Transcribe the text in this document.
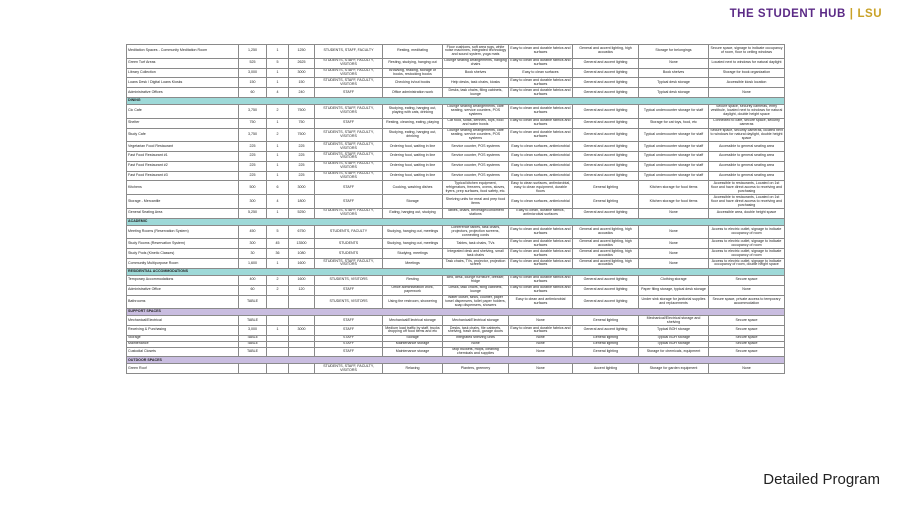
THE STUDENT HUB | LSU
Meditation Spaces - Community Meditation Room	1,250	1	1250	STUDENTS, STAFF, FACULTY	Resting, meditating	Floor cushions, soft area rugs, white noise machines, integrated technology and sound system, yoga mats	Easy to clean and durable fabrics and surfaces	General and accent lighting, high acoustics	Storage for belongings	Secure space, signage to indicate occupancy of room, floor to ceiling windows
Green Turf Areas	525	5	2625	STUDENTS, STAFF, FACULTY, VISITORS	Resting, studying, hanging out	Lounge seating arrangements, hanging chairs	Easy to clean and durable fabrics and surfaces	General and accent lighting	None	Located next to windows for natural daylight
Library Collection	3,000	1	3000	STUDENTS, STAFF, FACULTY, VISITORS	Browsing, reading, storage of books, restocking books	Book shelves	Easy to clean surfaces	General and accent lighting	Book shelves	Storage for book organization
Loans Desk / Digital Loans Kiosks	150	1	150	STUDENTS, STAFF, FACULTY, VISITORS	Checking in/out books	Help desks, task chairs, kiosks	Easy to clean and durable fabrics and surfaces	General and accent lighting	Typical desk storage	Accessible kiosk location
Administrative Offices	60	4	240	STAFF	Office administration work	Desks, task chairs, filing cabinets, lounge	Easy to clean and durable fabrics and surfaces	General and accent lighting	Typical desk storage	None
DINING										
Cic Cafe	3,750	2	7500	STUDENTS, STAFF, FACULTY, VISITORS	Studying, eating, hanging out, playing with cats, drinking	Lounge seating arrangements, cafe seating, service counters, POS systems	Easy to clean and durable fabrics and surfaces	General and accent lighting	Typical undercounter storage for staff	Secure space, security cameras, entry vestibule, located next to windows for natural daylight, double height space
Shelter	750	1	750	STAFF	Resting, cleaning, eating, playing	Cat food, sofas, kennels, toys, food and water bowls	Easy to clean and durable fabrics and surfaces	General and accent lighting	Storage for cat toys, food, etc	Connected to cafe, secure space, security cameras
Study Cafe	3,750	2	7500	STUDENTS, STAFF, FACULTY, VISITORS	Studying, eating, hanging out, drinking	Lounge seating arrangements, cafe seating, service counters, POS systems	Easy to clean and durable fabrics and surfaces	General and accent lighting	Typical undercounter storage for staff	Secure space, security cameras, located next to windows for natural daylight, double height space
Vegetarian Food Restaurant	225	1	225	STUDENTS, STAFF, FACULTY, VISITORS	Ordering food, waiting in line	Service counter, POS systems	Easy to clean surfaces, antimicrobial	General and accent lighting	Typical undercounter storage for staff	Accessible to general seating area
Fast Food Restaurant #1	225	1	225	STUDENTS, STAFF, FACULTY, VISITORS	Ordering food, waiting in line	Service counter, POS systems	Easy to clean surfaces, antimicrobial	General and accent lighting	Typical undercounter storage for staff	Accessible to general seating area
Fast Food Restaurant #2	225	1	225	STUDENTS, STAFF, FACULTY, VISITORS	Ordering food, waiting in line	Service counter, POS systems	Easy to clean surfaces, antimicrobial	General and accent lighting	Typical undercounter storage for staff	Accessible to general seating area
Fast Food Restaurant #3	225	1	225	STUDENTS, STAFF, FACULTY, VISITORS	Ordering food, waiting in line	Service counter, POS systems	Easy to clean surfaces, antimicrobial	General and accent lighting	Typical undercounter storage for staff	Accessible to general seating area
Kitchens	500	6	3000	STAFF	Cooking, washing dishes	Typical kitchen equipment, refrigerators, freezers, ovens, stoves, fryers, prep surfaces, food safety, etc.	Easy to clean surfaces, antimicrobial, easy to clean equipment, durable floors	General lighting	Kitchen storage for food items	Accessible to restaurants, Located on 1st floor and have direct access to receiving and purchasing
Storage - Mercantile	300	4	1800	STAFF	Storage	Shelving units for meal and prep food items	Easy to clean surfaces, antimicrobial	General lighting	Kitchen storage for food items	Accessible to restaurants, Located on 1st floor and have direct access to receiving and purchasing
General Seating Area	5,250	1	5250	STUDENTS, STAFF, FACULTY, VISITORS	Eating, hanging out, studying	Tables, chairs, beverage/condiment stations	Easy to clean, durable fabrics, antimicrobial surfaces	General and accent lighting	None	Accessible area, double height space
ACADEMIC										
Meeting Rooms (Reservation System)	450	5	6750	STUDENTS, FACULTY	Studying, hanging out, meetings	Conference tables, task chairs, projectors, projection screens, connecting cords	Easy to clean and durable fabrics and surfaces	General and accent lighting, high acoustics	None	Access to electric outlet, signage to indicate occupancy of room
Study Rooms (Reservation System)	300	45	13500	STUDENTS	Studying, hanging out, meetings	Tables, task chairs, TVs	Easy to clean and durable fabrics and surfaces	General and accent lighting, high acoustics	None	Access to electric outlet, signage to indicate occupancy of room
Study Pods (Kinetic Classes)	30	36	1080	STUDENTS	Studying, meetings	Integrated desk and shelving, small task chairs	Easy to clean and durable fabrics and surfaces	General and accent lighting, high acoustics	None	Access to electric outlet, signage to indicate occupancy of room
Community Multipurpose Room	1,600	1	1600	STUDENTS, STAFF, FACULTY, VISITORS	Meetings	Task chairs, TVs, projector, projection screen	Easy to clean and durable fabrics and surfaces	General and accent lighting, high acoustics	None	Access to electric outlet, signage to indicate occupancy of room, double height space
RESIDENTIAL ACCOMMODATIONS										
Temporary Accommodations	400	2	1600	STUDENTS, VISITORS	Resting	Bed, desk, lounge furniture, dresser, fridge	Easy to clean and durable fabrics and surfaces	General and accent lighting	Clothing storage	Secure space
Administrative Office	60	2	120	STAFF	Office administration work, paperwork	Desks, task chairs, filing cabinets, lounge	Easy to clean and durable fabrics and surfaces	General and accent lighting	Paper filing storage, typical desk storage	None
Bathrooms	TABLE			STUDENTS, VISITORS	Using the restroom, showering	Water closet, sinks, counter, paper towel dispensers, toilet paper holders, soap dispensers, showers	Easy to clean and antimicrobial surfaces	General and accent lighting	Under sink storage for janitorial supplies and replacements	Secure space, private access to temporary accommodation
SUPPORT SPACES										
Mechanical/Electrical	TABLE			STAFF	Mechanical/Electrical storage	Mechanical/Electrical storage	None	General lighting	Mechanical/Electrical storage and shelving	Secure space
Receiving & Purchasing	3,000	1	3000	STAFF	Medium load traffic by staff, trucks dropping off food items and etc	Desks, task chairs, file cabinets, shelving, trash deck, garage doors	Easy to clean and durable fabrics and surfaces	General and accent lighting	Typical BOH storage	Secure space
Storage	TABLE			STAFF	Storage	Integrated shelving units	None	General lighting	Typical BOH storage	Secure space
Maintenance	TABLE			STAFF	Maintenance storage	None	None	General lighting	Typical BOH storage	Secure space
Custodial Closets	TABLE			STAFF	Maintenance storage	Mop buckets, mops, cleaning chemicals and supplies	None	General lighting	Storage for chemicals, equipment	Secure space
OUTDOOR SPACES										
Green Roof				STUDENTS, STAFF, FACULTY, VISITORS	Relaxing	Planters, greenery	None	Accent lighting	Storage for garden equipment	None
Detailed Program
